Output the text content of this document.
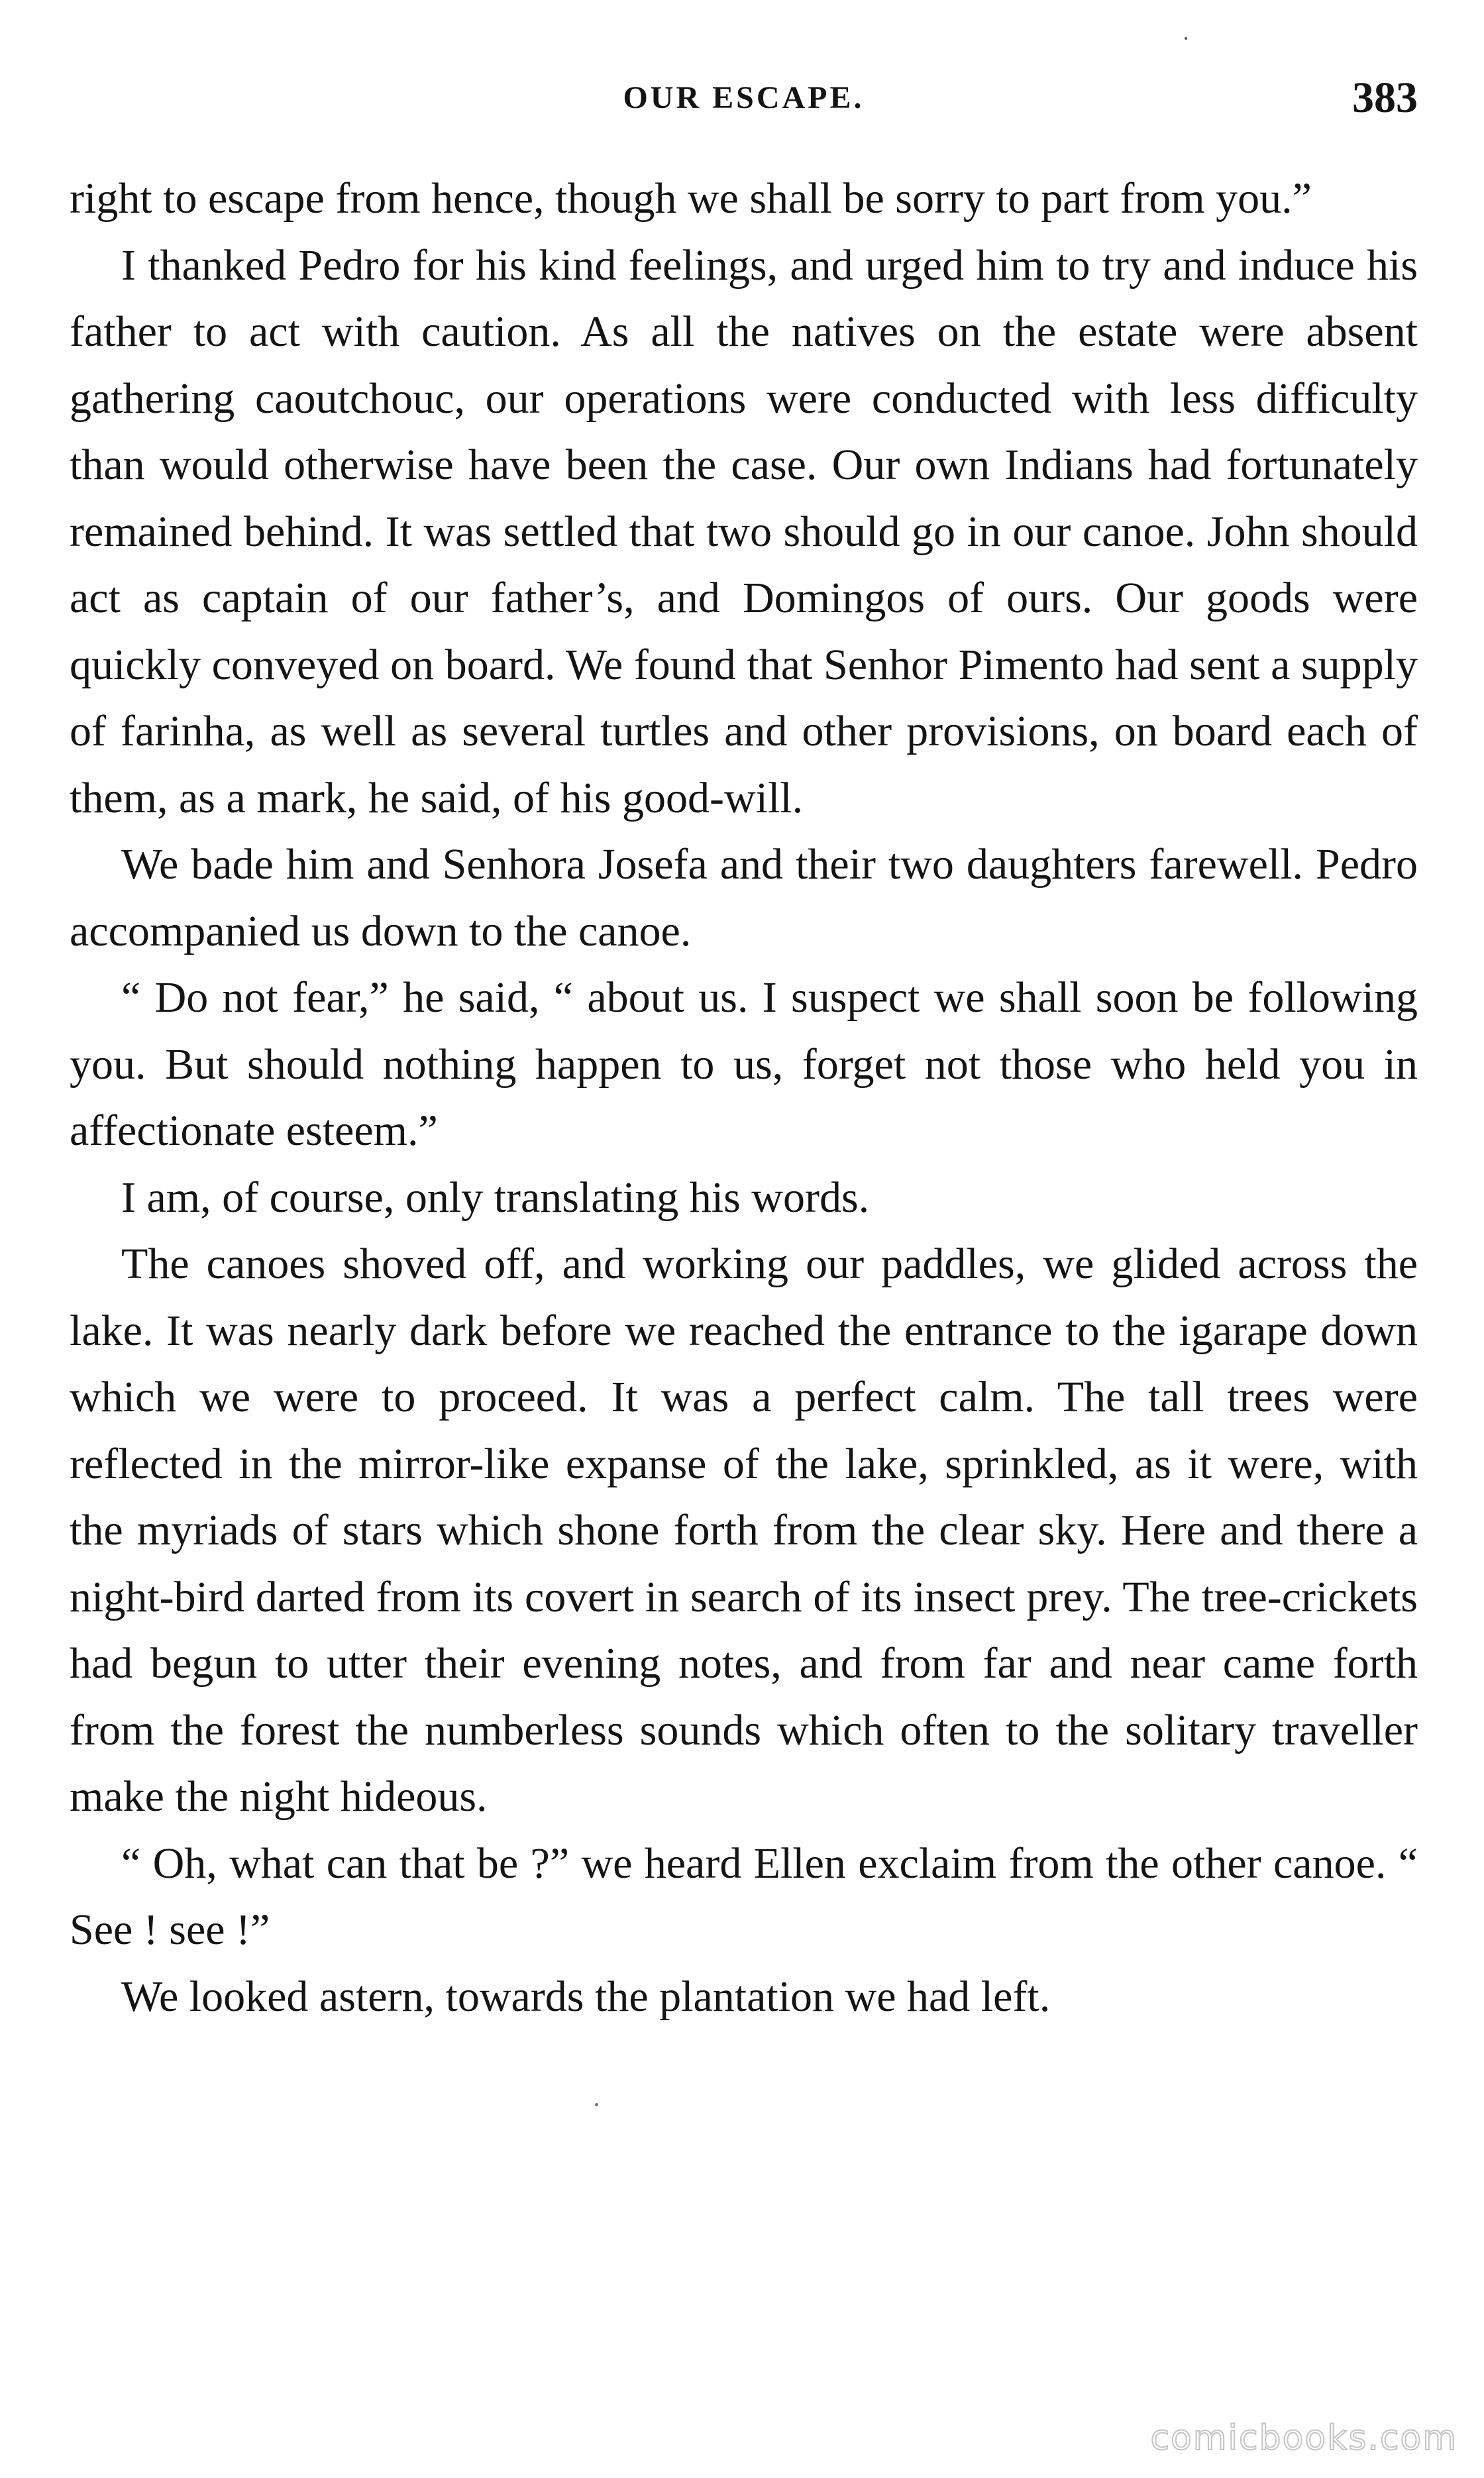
OUR ESCAPE.	383

right to escape from hence, though we shall be sorry to part from you.”

I thanked Pedro for his kind feelings, and urged him to try and induce his father to act with caution. As all the natives on the estate were absent gathering caoutchouc, our operations were conducted with less difficulty than would otherwise have been the case. Our own Indians had fortunately remained behind. It was settled that two should go in our canoe. John should act as captain of our father’s, and Domingos of ours. Our goods were quickly conveyed on board. We found that Senhor Pimento had sent a supply of farinha, as well as several turtles and other provisions, on board each of them, as a mark, he said, of his good-will.

We bade him and Senhora Josefa and their two daughters farewell. Pedro accompanied us down to the canoe.

“ Do not fear,” he said, “ about us. I suspect we shall soon be following you. But should nothing happen to us, forget not those who held you in affectionate esteem.”

I am, of course, only translating his words.

The canoes shoved off, and working our paddles, we glided across the lake. It was nearly dark before we reached the entrance to the igarape down which we were to proceed. It was a perfect calm. The tall trees were reflected in the mirror-like expanse of the lake, sprinkled, as it were, with the myriads of stars which shone forth from the clear sky. Here and there a night-bird darted from its covert in search of its insect prey. The tree-crickets had begun to utter their evening notes, and from far and near came forth from the forest the numberless sounds which often to the solitary traveller make the night hideous.

“ Oh, what can that be ?” we heard Ellen exclaim from the other canoe. “ See ! see !”

We looked astern, towards the plantation we had left.

comicbooks.com
